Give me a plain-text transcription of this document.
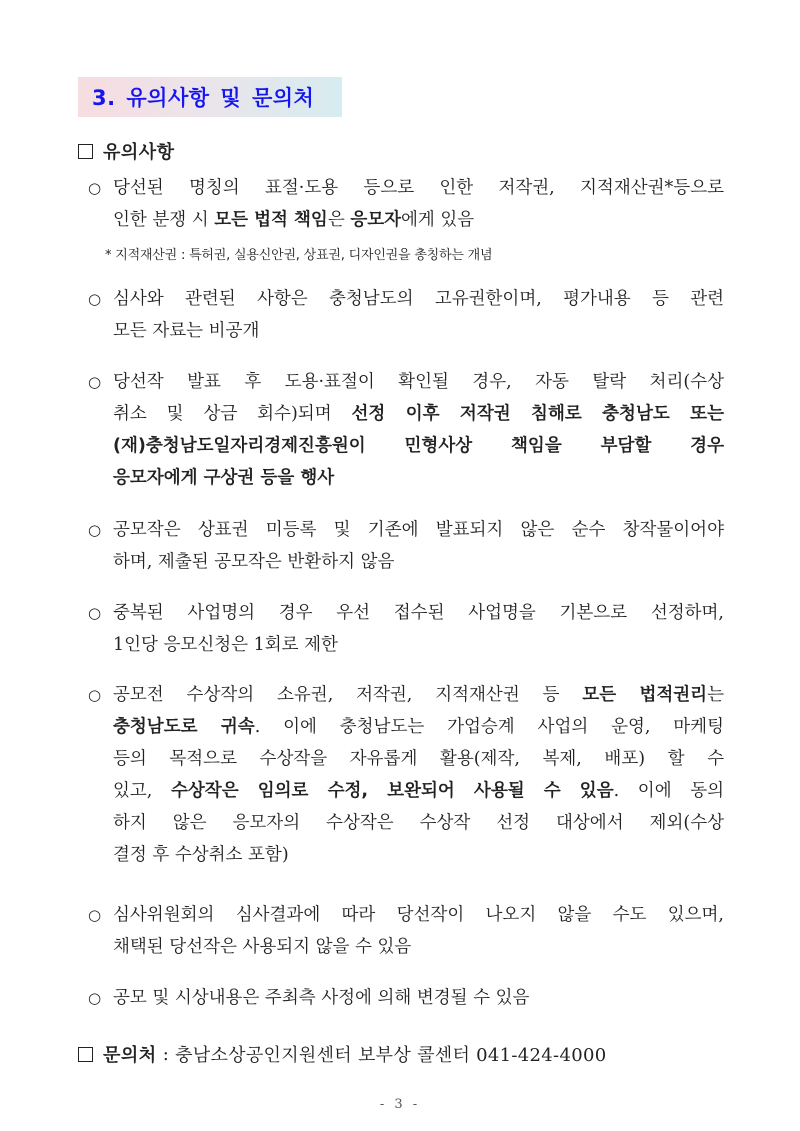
3. 유의사항 및 문의처
유의사항
○ 당선된 명칭의 표절·도용 등으로 인한 저작권, 지적재산권*등으로
인한 분쟁 시 모든 법적 책임은 응모자에게 있음
* 지적재산권 : 특허권, 실용신안권, 상표권, 디자인권을 총칭하는 개념
○ 심사와 관련된 사항은 충청남도의 고유권한이며, 평가내용 등 관련
모든 자료는 비공개
○ 당선작 발표 후 도용·표절이 확인될 경우, 자동 탈락 처리(수상
취소 및 상금 회수)되며 선정 이후 저작권 침해로 충청남도 또는
(재)충청남도일자리경제진흥원이 민형사상 책임을 부담할 경우
응모자에게 구상권 등을 행사
○ 공모작은 상표권 미등록 및 기존에 발표되지 않은 순수 창작물이어야
하며, 제출된 공모작은 반환하지 않음
○ 중복된 사업명의 경우 우선 접수된 사업명을 기본으로 선정하며,
1인당 응모신청은 1회로 제한
○ 공모전 수상작의 소유권, 저작권, 지적재산권 등 모든 법적권리는
충청남도로 귀속. 이에 충청남도는 가업승계 사업의 운영, 마케팅
등의 목적으로 수상작을 자유롭게 활용(제작, 복제, 배포) 할 수
있고, 수상작은 임의로 수정, 보완되어 사용될 수 있음. 이에 동의
하지 않은 응모자의 수상작은 수상작 선정 대상에서 제외(수상
결정 후 수상취소 포함)
○ 심사위원회의 심사결과에 따라 당선작이 나오지 않을 수도 있으며,
채택된 당선작은 사용되지 않을 수 있음
○ 공모 및 시상내용은 주최측 사정에 의해 변경될 수 있음
문의처 : 충남소상공인지원센터 보부상 콜센터 041-424-4000
- 3 -
